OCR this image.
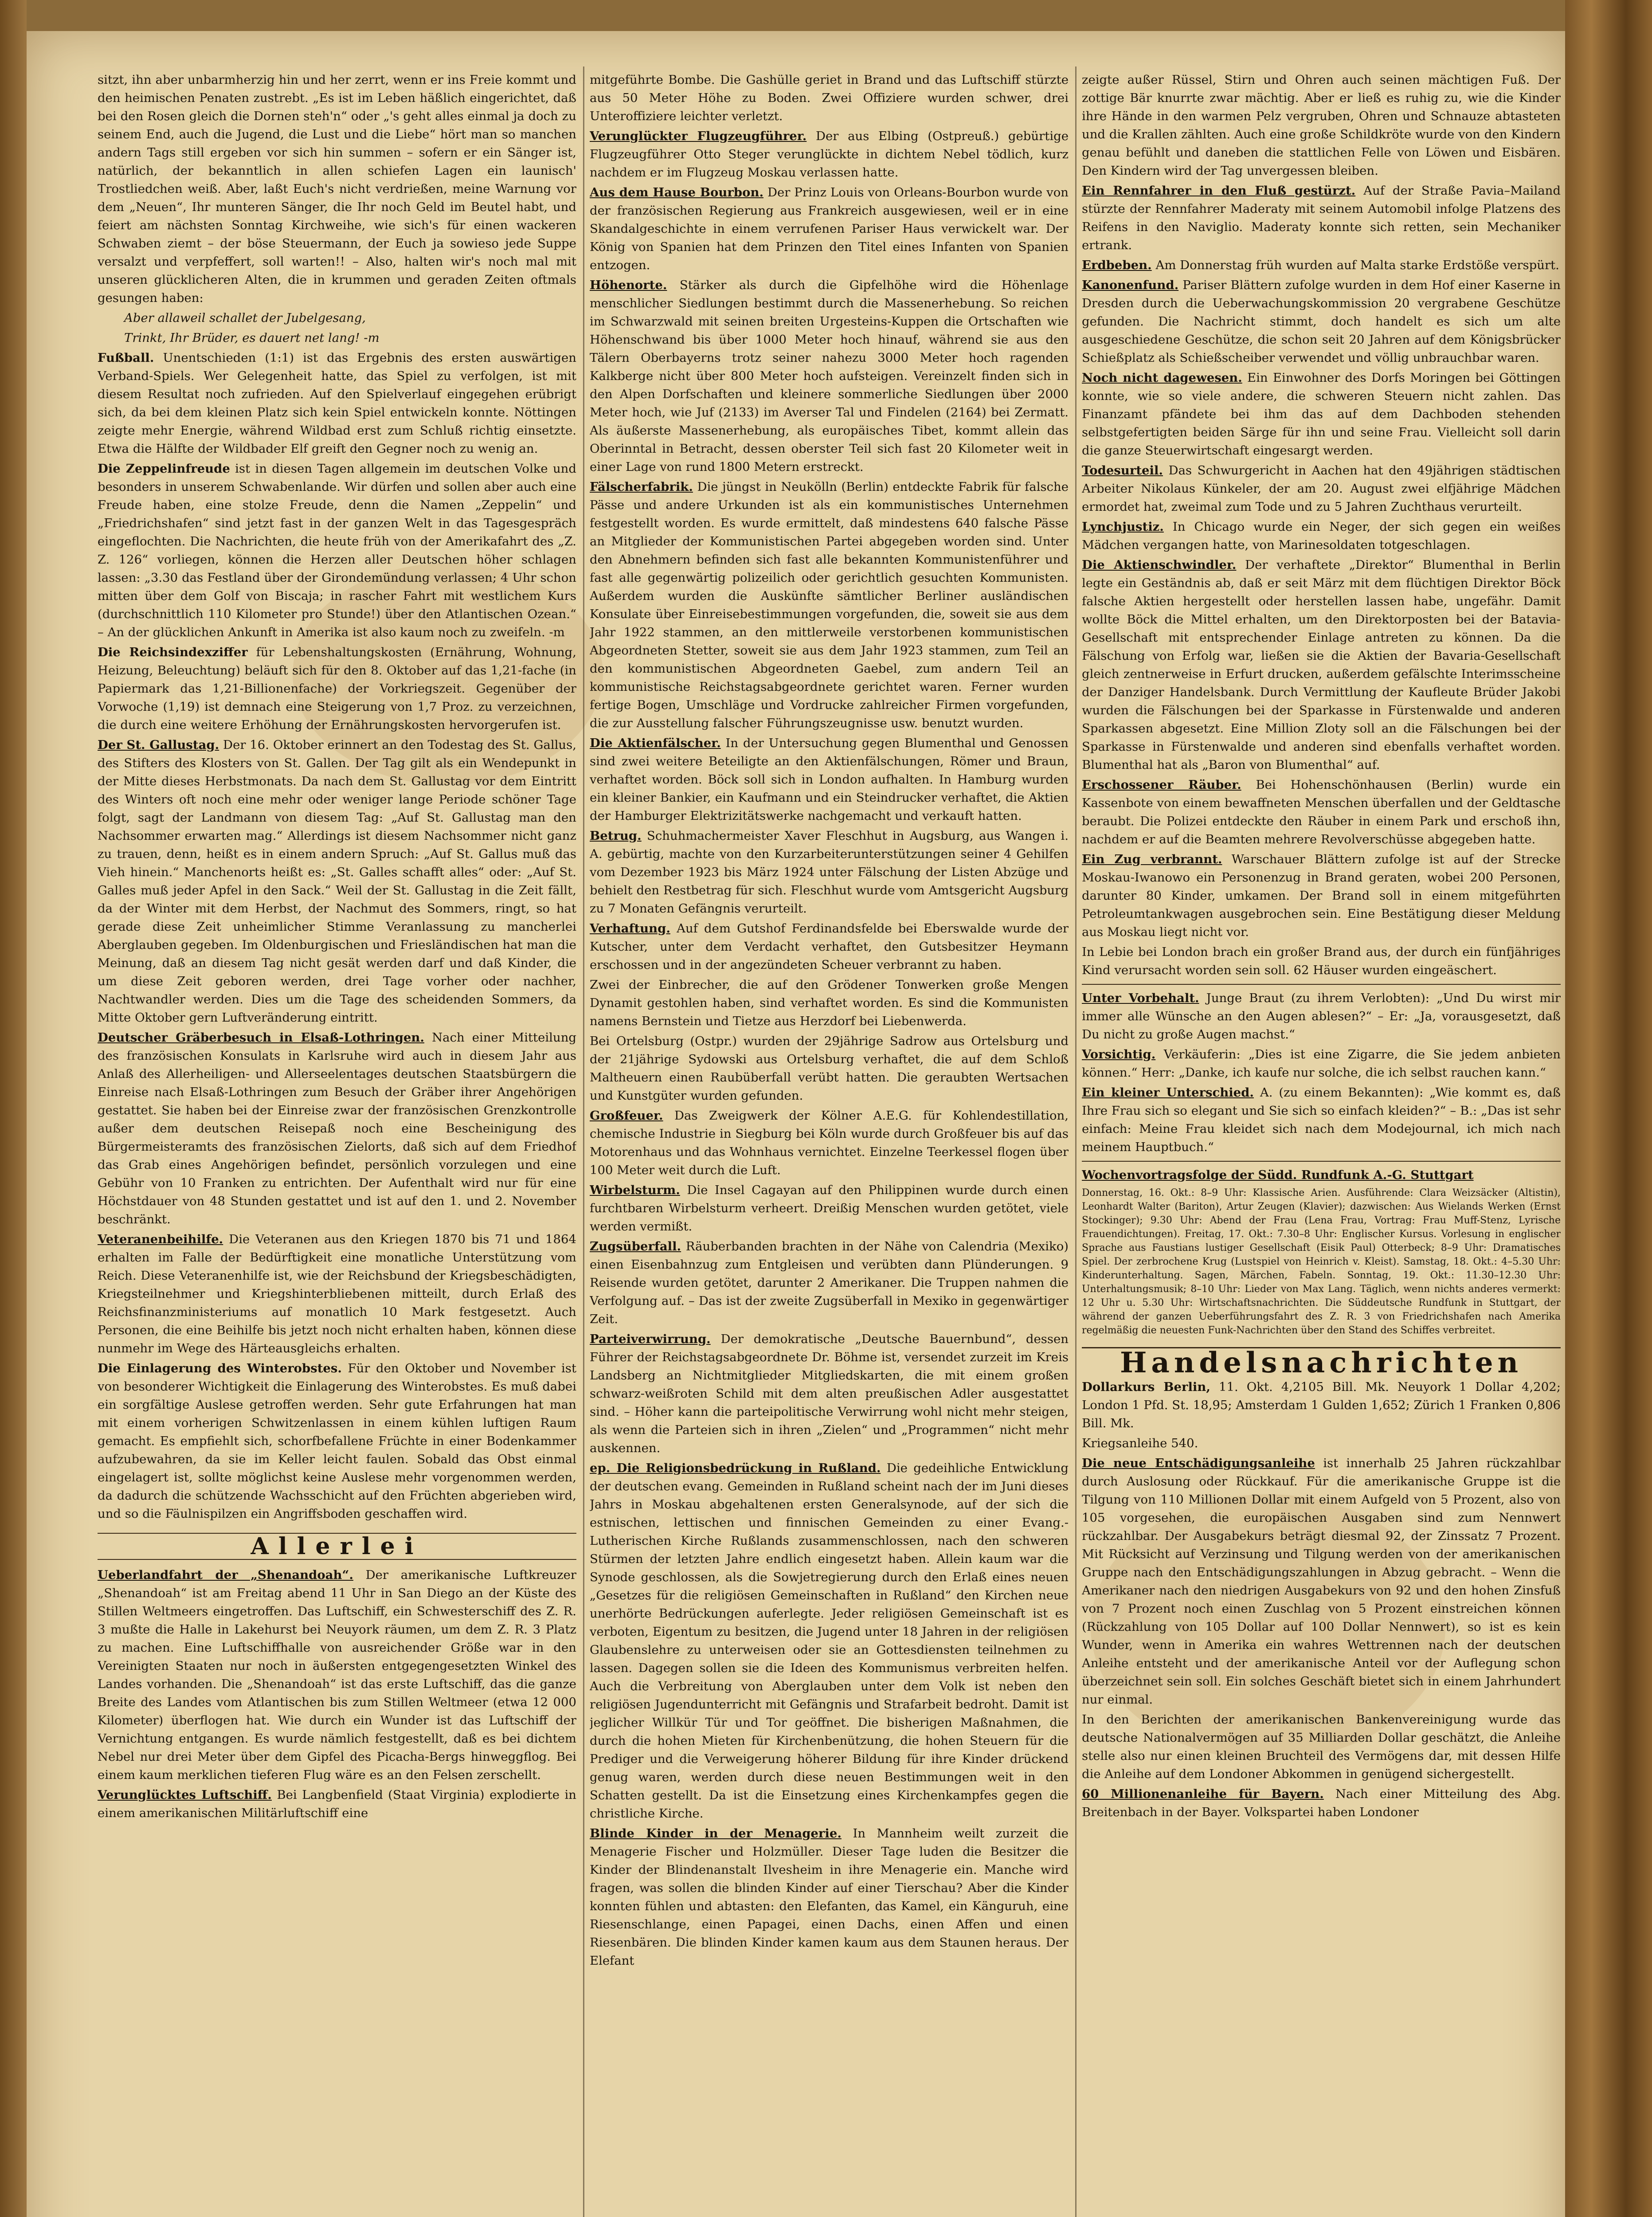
sitzt, ihn aber unbarmherzig hin und her zerrt, wenn er ins Freie kommt und den heimischen Penaten zustrebt. „Es ist im Leben häßlich eingerichtet, daß bei den Rosen gleich die Dornen steh'n“ oder „'s geht alles einmal ja doch zu seinem End, auch die Jugend, die Lust und die Liebe“ hört man so manchen andern Tags still ergeben vor sich hin summen – sofern er ein Sänger ist, natürlich, der bekanntlich in allen schiefen Lagen ein launisch' Trostliedchen weiß. Aber, laßt Euch's nicht verdrießen, meine Warnung vor dem „Neuen“, Ihr munteren Sänger, die Ihr noch Geld im Beutel habt, und feiert am nächsten Sonntag Kirchweihe, wie sich's für einen wackeren Schwaben ziemt – der böse Steuermann, der Euch ja sowieso jede Suppe versalzt und verpfeffert, soll warten!! – Also, halten wir's noch mal mit unseren glücklicheren Alten, die in krummen und geraden Zeiten oftmals gesungen haben:

Aber allaweil schallet der Jubelgesang,

Trinkt, Ihr Brüder, es dauert net lang! -m

Fußball. Unentschieden (1:1) ist das Ergebnis des ersten auswärtigen Verband-Spiels. Wer Gelegenheit hatte, das Spiel zu verfolgen, ist mit diesem Resultat noch zufrieden. Auf den Spielverlauf eingegehen erübrigt sich, da bei dem kleinen Platz sich kein Spiel entwickeln konnte. Nöttingen zeigte mehr Energie, während Wildbad erst zum Schluß richtig einsetzte. Etwa die Hälfte der Wildbader Elf greift den Gegner noch zu wenig an.

Die Zeppelinfreude ist in diesen Tagen allgemein im deutschen Volke und besonders in unserem Schwabenlande. Wir dürfen und sollen aber auch eine Freude haben, eine stolze Freude, denn die Namen „Zeppelin“ und „Friedrichshafen“ sind jetzt fast in der ganzen Welt in das Tagesgespräch eingeflochten. Die Nachrichten, die heute früh von der Amerikafahrt des „Z. Z. 126“ vorliegen, können die Herzen aller Deutschen höher schlagen lassen: „3.30 das Festland über der Girondemündung verlassen; 4 Uhr schon mitten über dem Golf von Biscaja; in rascher Fahrt mit westlichem Kurs (durchschnittlich 110 Kilometer pro Stunde!) über den Atlantischen Ozean.“ – An der glücklichen Ankunft in Amerika ist also kaum noch zu zweifeln. -m

Die Reichsindexziffer für Lebenshaltungskosten (Ernährung, Wohnung, Heizung, Beleuchtung) beläuft sich für den 8. Oktober auf das 1,21-fache (in Papiermark das 1,21-Billionenfache) der Vorkriegszeit. Gegenüber der Vorwoche (1,19) ist demnach eine Steigerung von 1,7 Proz. zu verzeichnen, die durch eine weitere Erhöhung der Ernährungskosten hervorgerufen ist.

Der St. Gallustag. Der 16. Oktober erinnert an den Todestag des St. Gallus, des Stifters des Klosters von St. Gallen. Der Tag gilt als ein Wendepunkt in der Mitte dieses Herbstmonats. Da nach dem St. Gallustag vor dem Eintritt des Winters oft noch eine mehr oder weniger lange Periode schöner Tage folgt, sagt der Landmann von diesem Tag: „Auf St. Gallustag man den Nachsommer erwarten mag.“ Allerdings ist diesem Nachsommer nicht ganz zu trauen, denn, heißt es in einem andern Spruch: „Auf St. Gallus muß das Vieh hinein.“ Manchenorts heißt es: „St. Galles schafft alles“ oder: „Auf St. Galles muß jeder Apfel in den Sack.“ Weil der St. Gallustag in die Zeit fällt, da der Winter mit dem Herbst, der Nachmut des Sommers, ringt, so hat gerade diese Zeit unheimlicher Stimme Veranlassung zu mancherlei Aberglauben gegeben. Im Oldenburgischen und Friesländischen hat man die Meinung, daß an diesem Tag nicht gesät werden darf und daß Kinder, die um diese Zeit geboren werden, drei Tage vorher oder nachher, Nachtwandler werden. Dies um die Tage des scheidenden Sommers, da Mitte Oktober gern Luftveränderung eintritt.

Deutscher Gräberbesuch in Elsaß-Lothringen. Nach einer Mitteilung des französischen Konsulats in Karlsruhe wird auch in diesem Jahr aus Anlaß des Allerheiligen- und Allerseelentages deutschen Staatsbürgern die Einreise nach Elsaß-Lothringen zum Besuch der Gräber ihrer Angehörigen gestattet. Sie haben bei der Einreise zwar der französischen Grenzkontrolle außer dem deutschen Reisepaß noch eine Bescheinigung des Bürgermeisteramts des französischen Zielorts, daß sich auf dem Friedhof das Grab eines Angehörigen befindet, persönlich vorzulegen und eine Gebühr von 10 Franken zu entrichten. Der Aufenthalt wird nur für eine Höchstdauer von 48 Stunden gestattet und ist auf den 1. und 2. November beschränkt.

Veteranenbeihilfe. Die Veteranen aus den Kriegen 1870 bis 71 und 1864 erhalten im Falle der Bedürftigkeit eine monatliche Unterstützung vom Reich. Diese Veteranenhilfe ist, wie der Reichsbund der Kriegsbeschädigten, Kriegsteilnehmer und Kriegshinterbliebenen mitteilt, durch Erlaß des Reichsfinanzministeriums auf monatlich 10 Mark festgesetzt. Auch Personen, die eine Beihilfe bis jetzt noch nicht erhalten haben, können diese nunmehr im Wege des Härteausgleichs erhalten.

Die Einlagerung des Winterobstes. Für den Oktober und November ist von besonderer Wichtigkeit die Einlagerung des Winterobstes. Es muß dabei ein sorgfältige Auslese getroffen werden. Sehr gute Erfahrungen hat man mit einem vorherigen Schwitzenlassen in einem kühlen luftigen Raum gemacht. Es empfiehlt sich, schorfbefallene Früchte in einer Bodenkammer aufzubewahren, da sie im Keller leicht faulen. Sobald das Obst einmal eingelagert ist, sollte möglichst keine Auslese mehr vorgenommen werden, da dadurch die schützende Wachsschicht auf den Früchten abgerieben wird, und so die Fäulnispilzen ein Angriffsboden geschaffen wird.

Allerlei

Ueberlandfahrt der „Shenandoah“. Der amerikanische Luftkreuzer „Shenandoah“ ist am Freitag abend 11 Uhr in San Diego an der Küste des Stillen Weltmeers eingetroffen. Das Luftschiff, ein Schwesterschiff des Z. R. 3 mußte die Halle in Lakehurst bei Neuyork räumen, um dem Z. R. 3 Platz zu machen. Eine Luftschiffhalle von ausreichender Größe war in den Vereinigten Staaten nur noch in äußersten entgegengesetzten Winkel des Landes vorhanden. Die „Shenandoah“ ist das erste Luftschiff, das die ganze Breite des Landes vom Atlantischen bis zum Stillen Weltmeer (etwa 12 000 Kilometer) überflogen hat. Wie durch ein Wunder ist das Luftschiff der Vernichtung entgangen. Es wurde nämlich festgestellt, daß es bei dichtem Nebel nur drei Meter über dem Gipfel des Picacha-Bergs hinweggflog. Bei einem kaum merklichen tieferen Flug wäre es an den Felsen zerschellt.

Verunglücktes Luftschiff. Bei Langbenfield (Staat Virginia) explodierte in einem amerikanischen Militärluftschiff eine

mitgeführte Bombe. Die Gashülle geriet in Brand und das Luftschiff stürzte aus 50 Meter Höhe zu Boden. Zwei Offiziere wurden schwer, drei Unteroffiziere leichter verletzt.

Verunglückter Flugzeugführer. Der aus Elbing (Ostpreuß.) gebürtige Flugzeugführer Otto Steger verunglückte in dichtem Nebel tödlich, kurz nachdem er im Flugzeug Moskau verlassen hatte.

Aus dem Hause Bourbon. Der Prinz Louis von Orleans-Bourbon wurde von der französischen Regierung aus Frankreich ausgewiesen, weil er in eine Skandalgeschichte in einem verrufenen Pariser Haus verwickelt war. Der König von Spanien hat dem Prinzen den Titel eines Infanten von Spanien entzogen.

Höhenorte. Stärker als durch die Gipfelhöhe wird die Höhenlage menschlicher Siedlungen bestimmt durch die Massenerhebung. So reichen im Schwarzwald mit seinen breiten Urgesteins-Kuppen die Ortschaften wie Höhenschwand bis über 1000 Meter hoch hinauf, während sie aus den Tälern Oberbayerns trotz seiner nahezu 3000 Meter hoch ragenden Kalkberge nicht über 800 Meter hoch aufsteigen. Vereinzelt finden sich in den Alpen Dorfschaften und kleinere sommerliche Siedlungen über 2000 Meter hoch, wie Juf (2133) im Averser Tal und Findelen (2164) bei Zermatt. Als äußerste Massenerhebung, als europäisches Tibet, kommt allein das Oberinntal in Betracht, dessen oberster Teil sich fast 20 Kilometer weit in einer Lage von rund 1800 Metern erstreckt.

Fälscherfabrik. Die jüngst in Neukölln (Berlin) entdeckte Fabrik für falsche Pässe und andere Urkunden ist als ein kommunistisches Unternehmen festgestellt worden. Es wurde ermittelt, daß mindestens 640 falsche Pässe an Mitglieder der Kommunistischen Partei abgegeben worden sind. Unter den Abnehmern befinden sich fast alle bekannten Kommunistenführer und fast alle gegenwärtig polizeilich oder gerichtlich gesuchten Kommunisten. Außerdem wurden die Auskünfte sämtlicher Berliner ausländischen Konsulate über Einreisebestimmungen vorgefunden, die, soweit sie aus dem Jahr 1922 stammen, an den mittlerweile verstorbenen kommunistischen Abgeordneten Stetter, soweit sie aus dem Jahr 1923 stammen, zum Teil an den kommunistischen Abgeordneten Gaebel, zum andern Teil an kommunistische Reichstagsabgeordnete gerichtet waren. Ferner wurden fertige Bogen, Umschläge und Vordrucke zahlreicher Firmen vorgefunden, die zur Ausstellung falscher Führungszeugnisse usw. benutzt wurden.

Die Aktienfälscher. In der Untersuchung gegen Blumenthal und Genossen sind zwei weitere Beteiligte an den Aktienfälschungen, Römer und Braun, verhaftet worden. Böck soll sich in London aufhalten. In Hamburg wurden ein kleiner Bankier, ein Kaufmann und ein Steindrucker verhaftet, die Aktien der Hamburger Elektrizitätswerke nachgemacht und verkauft hatten.

Betrug. Schuhmachermeister Xaver Fleschhut in Augsburg, aus Wangen i. A. gebürtig, machte von den Kurzarbeiterunterstützungen seiner 4 Gehilfen vom Dezember 1923 bis März 1924 unter Fälschung der Listen Abzüge und behielt den Restbetrag für sich. Fleschhut wurde vom Amtsgericht Augsburg zu 7 Monaten Gefängnis verurteilt.

Verhaftung. Auf dem Gutshof Ferdinandsfelde bei Eberswalde wurde der Kutscher, unter dem Verdacht verhaftet, den Gutsbesitzer Heymann erschossen und in der angezündeten Scheuer verbrannt zu haben.

Zwei der Einbrecher, die auf den Grödener Tonwerken große Mengen Dynamit gestohlen haben, sind verhaftet worden. Es sind die Kommunisten namens Bernstein und Tietze aus Herzdorf bei Liebenwerda.

Bei Ortelsburg (Ostpr.) wurden der 29jährige Sadrow aus Ortelsburg und der 21jährige Sydowski aus Ortelsburg verhaftet, die auf dem Schloß Maltheuern einen Raubüberfall verübt hatten. Die geraubten Wertsachen und Kunstgüter wurden gefunden.

Großfeuer. Das Zweigwerk der Kölner A.E.G. für Kohlendestillation, chemische Industrie in Siegburg bei Köln wurde durch Großfeuer bis auf das Motorenhaus und das Wohnhaus vernichtet. Einzelne Teerkessel flogen über 100 Meter weit durch die Luft.

Wirbelsturm. Die Insel Cagayan auf den Philippinen wurde durch einen furchtbaren Wirbelsturm verheert. Dreißig Menschen wurden getötet, viele werden vermißt.

Zugsüberfall. Räuberbanden brachten in der Nähe von Calendria (Mexiko) einen Eisenbahnzug zum Entgleisen und verübten dann Plünderungen. 9 Reisende wurden getötet, darunter 2 Amerikaner. Die Truppen nahmen die Verfolgung auf. – Das ist der zweite Zugsüberfall in Mexiko in gegenwärtiger Zeit.

Parteiverwirrung. Der demokratische „Deutsche Bauernbund“, dessen Führer der Reichstagsabgeordnete Dr. Böhme ist, versendet zurzeit im Kreis Landsberg an Nichtmitglieder Mitgliedskarten, die mit einem großen schwarz-weißroten Schild mit dem alten preußischen Adler ausgestattet sind. – Höher kann die parteipolitische Verwirrung wohl nicht mehr steigen, als wenn die Parteien sich in ihren „Zielen“ und „Programmen“ nicht mehr auskennen.

ep. Die Religionsbedrückung in Rußland. Die gedeihliche Entwicklung der deutschen evang. Gemeinden in Rußland scheint nach der im Juni dieses Jahrs in Moskau abgehaltenen ersten Generalsynode, auf der sich die estnischen, lettischen und finnischen Gemeinden zu einer Evang.-Lutherischen Kirche Rußlands zusammenschlossen, nach den schweren Stürmen der letzten Jahre endlich eingesetzt haben. Allein kaum war die Synode geschlossen, als die Sowjetregierung durch den Erlaß eines neuen „Gesetzes für die religiösen Gemeinschaften in Rußland“ den Kirchen neue unerhörte Bedrückungen auferlegte. Jeder religiösen Gemeinschaft ist es verboten, Eigentum zu besitzen, die Jugend unter 18 Jahren in der religiösen Glaubenslehre zu unterweisen oder sie an Gottesdiensten teilnehmen zu lassen. Dagegen sollen sie die Ideen des Kommunismus verbreiten helfen. Auch die Verbreitung von Aberglauben unter dem Volk ist neben den religiösen Jugendunterricht mit Gefängnis und Strafarbeit bedroht. Damit ist jeglicher Willkür Tür und Tor geöffnet. Die bisherigen Maßnahmen, die durch die hohen Mieten für Kirchenbenützung, die hohen Steuern für die Prediger und die Verweigerung höherer Bildung für ihre Kinder drückend genug waren, werden durch diese neuen Bestimmungen weit in den Schatten gestellt. Da ist die Einsetzung eines Kirchenkampfes gegen die christliche Kirche.

Blinde Kinder in der Menagerie. In Mannheim weilt zurzeit die Menagerie Fischer und Holzmüller. Dieser Tage luden die Besitzer die Kinder der Blindenanstalt Ilvesheim in ihre Menagerie ein. Manche wird fragen, was sollen die blinden Kinder auf einer Tierschau? Aber die Kinder konnten fühlen und abtasten: den Elefanten, das Kamel, ein Känguruh, eine Riesenschlange, einen Papagei, einen Dachs, einen Affen und einen Riesenbären. Die blinden Kinder kamen kaum aus dem Staunen heraus. Der Elefant

zeigte außer Rüssel, Stirn und Ohren auch seinen mächtigen Fuß. Der zottige Bär knurrte zwar mächtig. Aber er ließ es ruhig zu, wie die Kinder ihre Hände in den warmen Pelz vergruben, Ohren und Schnauze abtasteten und die Krallen zählten. Auch eine große Schildkröte wurde von den Kindern genau befühlt und daneben die stattlichen Felle von Löwen und Eisbären. Den Kindern wird der Tag unvergessen bleiben.

Ein Rennfahrer in den Fluß gestürzt. Auf der Straße Pavia–Mailand stürzte der Rennfahrer Maderaty mit seinem Automobil infolge Platzens des Reifens in den Naviglio. Maderaty konnte sich retten, sein Mechaniker ertrank.

Erdbeben. Am Donnerstag früh wurden auf Malta starke Erdstöße verspürt.

Kanonenfund. Pariser Blättern zufolge wurden in dem Hof einer Kaserne in Dresden durch die Ueberwachungskommission 20 vergrabene Geschütze gefunden. Die Nachricht stimmt, doch handelt es sich um alte ausgeschiedene Geschütze, die schon seit 20 Jahren auf dem Königsbrücker Schießplatz als Schießscheiber verwendet und völlig unbrauchbar waren.

Noch nicht dagewesen. Ein Einwohner des Dorfs Moringen bei Göttingen konnte, wie so viele andere, die schweren Steuern nicht zahlen. Das Finanzamt pfändete bei ihm das auf dem Dachboden stehenden selbstgefertigten beiden Särge für ihn und seine Frau. Vielleicht soll darin die ganze Steuerwirtschaft eingesargt werden.

Todesurteil. Das Schwurgericht in Aachen hat den 49jährigen städtischen Arbeiter Nikolaus Künkeler, der am 20. August zwei elfjährige Mädchen ermordet hat, zweimal zum Tode und zu 5 Jahren Zuchthaus verurteilt.

Lynchjustiz. In Chicago wurde ein Neger, der sich gegen ein weißes Mädchen vergangen hatte, von Marinesoldaten totgeschlagen.

Die Aktienschwindler. Der verhaftete „Direktor“ Blumenthal in Berlin legte ein Geständnis ab, daß er seit März mit dem flüchtigen Direktor Böck falsche Aktien hergestellt oder herstellen lassen habe, ungefähr. Damit wollte Böck die Mittel erhalten, um den Direktorposten bei der Batavia-Gesellschaft mit entsprechender Einlage antreten zu können. Da die Fälschung von Erfolg war, ließen sie die Aktien der Bavaria-Gesellschaft gleich zentnerweise in Erfurt drucken, außerdem gefälschte Interimsscheine der Danziger Handelsbank. Durch Vermittlung der Kaufleute Brüder Jakobi wurden die Fälschungen bei der Sparkasse in Fürstenwalde und anderen Sparkassen abgesetzt. Eine Million Zloty soll an die Fälschungen bei der Sparkasse in Fürstenwalde und anderen sind ebenfalls verhaftet worden. Blumenthal hat als „Baron von Blumenthal“ auf.

Erschossener Räuber. Bei Hohenschönhausen (Berlin) wurde ein Kassenbote von einem bewaffneten Menschen überfallen und der Geldtasche beraubt. Die Polizei entdeckte den Räuber in einem Park und erschoß ihn, nachdem er auf die Beamten mehrere Revolverschüsse abgegeben hatte.

Ein Zug verbrannt. Warschauer Blättern zufolge ist auf der Strecke Moskau-Iwanowo ein Personenzug in Brand geraten, wobei 200 Personen, darunter 80 Kinder, umkamen. Der Brand soll in einem mitgeführten Petroleumtankwagen ausgebrochen sein. Eine Bestätigung dieser Meldung aus Moskau liegt nicht vor.

In Lebie bei London brach ein großer Brand aus, der durch ein fünfjähriges Kind verursacht worden sein soll. 62 Häuser wurden eingeäschert.

Unter Vorbehalt. Junge Braut (zu ihrem Verlobten): „Und Du wirst mir immer alle Wünsche an den Augen ablesen?“ – Er: „Ja, vorausgesetzt, daß Du nicht zu große Augen machst.“

Vorsichtig. Verkäuferin: „Dies ist eine Zigarre, die Sie jedem anbieten können.“ Herr: „Danke, ich kaufe nur solche, die ich selbst rauchen kann.“

Ein kleiner Unterschied. A. (zu einem Bekannten): „Wie kommt es, daß Ihre Frau sich so elegant und Sie sich so einfach kleiden?“ – B.: „Das ist sehr einfach: Meine Frau kleidet sich nach dem Modejournal, ich mich nach meinem Hauptbuch.“

Wochenvortragsfolge der Südd. Rundfunk A.-G. Stuttgart

Donnerstag, 16. Okt.: 8–9 Uhr: Klassische Arien. Ausführende: Clara Weizsäcker (Altistin), Leonhardt Walter (Bariton), Artur Zeugen (Klavier); dazwischen: Aus Wielands Werken (Ernst Stockinger); 9.30 Uhr: Abend der Frau (Lena Frau, Vortrag: Frau Muff-Stenz, Lyrische Frauendichtungen). Freitag, 17. Okt.: 7.30–8 Uhr: Englischer Kursus. Vorlesung in englischer Sprache aus Faustians lustiger Gesellschaft (Eisik Paul) Otterbeck; 8–9 Uhr: Dramatisches Spiel. Der zerbrochene Krug (Lustspiel von Heinrich v. Kleist). Samstag, 18. Okt.: 4–5.30 Uhr: Kinderunterhaltung. Sagen, Märchen, Fabeln. Sonntag, 19. Okt.: 11.30–12.30 Uhr: Unterhaltungsmusik; 8–10 Uhr: Lieder von Max Lang. Täglich, wenn nichts anderes vermerkt: 12 Uhr u. 5.30 Uhr: Wirtschaftsnachrichten. Die Süddeutsche Rundfunk in Stuttgart, der während der ganzen Ueberführungsfahrt des Z. R. 3 von Friedrichshafen nach Amerika regelmäßig die neuesten Funk-Nachrichten über den Stand des Schiffes verbreitet.

Handelsnachrichten

Dollarkurs Berlin, 11. Okt. 4,2105 Bill. Mk. Neuyork 1 Dollar 4,202; London 1 Pfd. St. 18,95; Amsterdam 1 Gulden 1,652; Zürich 1 Franken 0,806 Bill. Mk.

Kriegsanleihe 540.

Die neue Entschädigungsanleihe ist innerhalb 25 Jahren rückzahlbar durch Auslosung oder Rückkauf. Für die amerikanische Gruppe ist die Tilgung von 110 Millionen Dollar mit einem Aufgeld von 5 Prozent, also von 105 vorgesehen, die europäischen Ausgaben sind zum Nennwert rückzahlbar. Der Ausgabekurs beträgt diesmal 92, der Zinssatz 7 Prozent. Mit Rücksicht auf Verzinsung und Tilgung werden von der amerikanischen Gruppe nach den Entschädigungszahlungen in Abzug gebracht. – Wenn die Amerikaner nach den niedrigen Ausgabekurs von 92 und den hohen Zinsfuß von 7 Prozent noch einen Zuschlag von 5 Prozent einstreichen können (Rückzahlung von 105 Dollar auf 100 Dollar Nennwert), so ist es kein Wunder, wenn in Amerika ein wahres Wettrennen nach der deutschen Anleihe entsteht und der amerikanische Anteil vor der Auflegung schon überzeichnet sein soll. Ein solches Geschäft bietet sich in einem Jahrhundert nur einmal.

In den Berichten der amerikanischen Bankenvereinigung wurde das deutsche Nationalvermögen auf 35 Milliarden Dollar geschätzt, die Anleihe stelle also nur einen kleinen Bruchteil des Vermögens dar, mit dessen Hilfe die Anleihe auf dem Londoner Abkommen in genügend sichergestellt.

60 Millionenanleihe für Bayern. Nach einer Mitteilung des Abg. Breitenbach in der Bayer. Volkspartei haben Londoner
